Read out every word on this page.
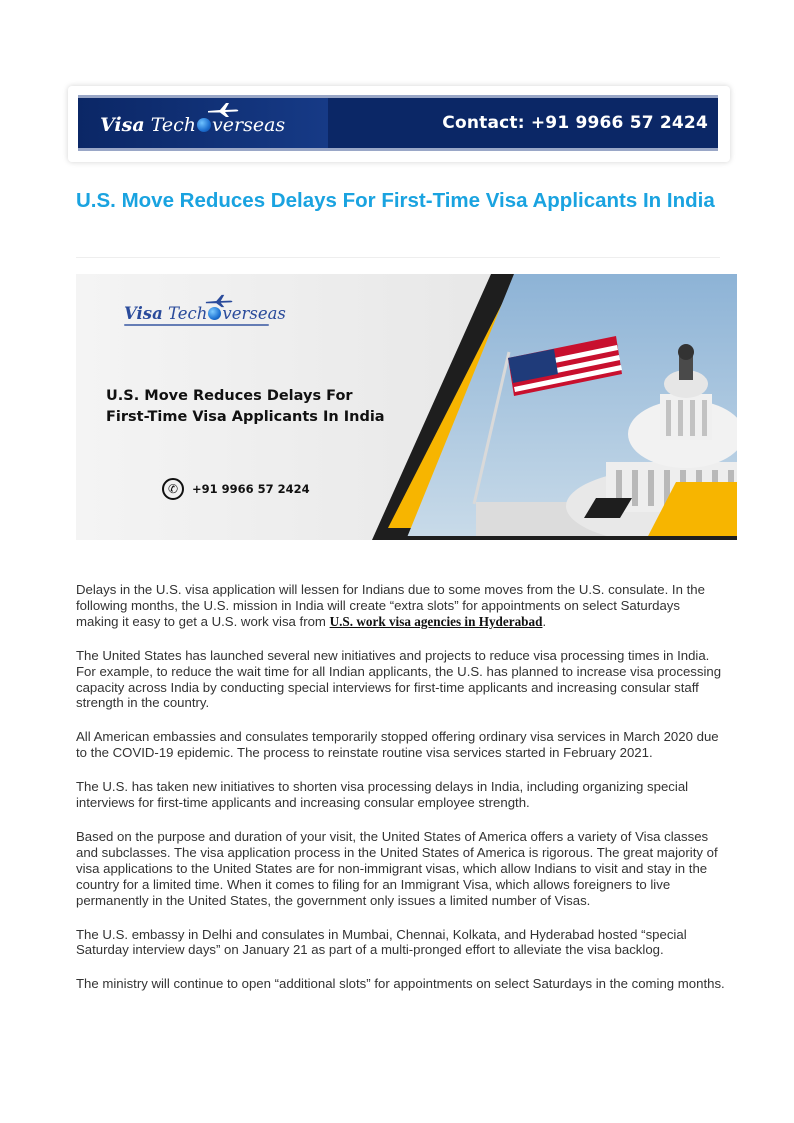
Visa
Tech verseas	Contact: +91 9966 57 2424
U.S. Move Reduces Delays For First-Time Visa Applicants In India
Visa
Tech verseas
U.S. Move Reduces Delays For
First-Time Visa Applicants In India
✆	+91 9966 57 2424

Delays in the U.S. visa application will lessen for Indians due to some moves from the U.S. consulate. In the following months, the U.S. mission in India will create “extra slots” for appointments on select Saturdays making it easy to get a U.S. work visa from U.S. work visa agencies in Hyderabad.

The United States has launched several new initiatives and projects to reduce visa processing times in India. For example, to reduce the wait time for all Indian applicants, the U.S. has planned to increase visa processing capacity across India by conducting special interviews for first-time applicants and increasing consular staff strength in the country.

All American embassies and consulates temporarily stopped offering ordinary visa services in March 2020 due to the COVID-19 epidemic. The process to reinstate routine visa services started in February 2021.

The U.S. has taken new initiatives to shorten visa processing delays in India, including organizing special interviews for first-time applicants and increasing consular employee strength.

Based on the purpose and duration of your visit, the United States of America offers a variety of Visa classes and subclasses. The visa application process in the United States of America is rigorous. The great majority of visa applications to the United States are for non-immigrant visas, which allow Indians to visit and stay in the country for a limited time. When it comes to filing for an Immigrant Visa, which allows foreigners to live permanently in the United States, the government only issues a limited number of Visas.

The U.S. embassy in Delhi and consulates in Mumbai, Chennai, Kolkata, and Hyderabad hosted “special Saturday interview days” on January 21 as part of a multi-pronged effort to alleviate the visa backlog.

The ministry will continue to open “additional slots” for appointments on select Saturdays in the coming months.
